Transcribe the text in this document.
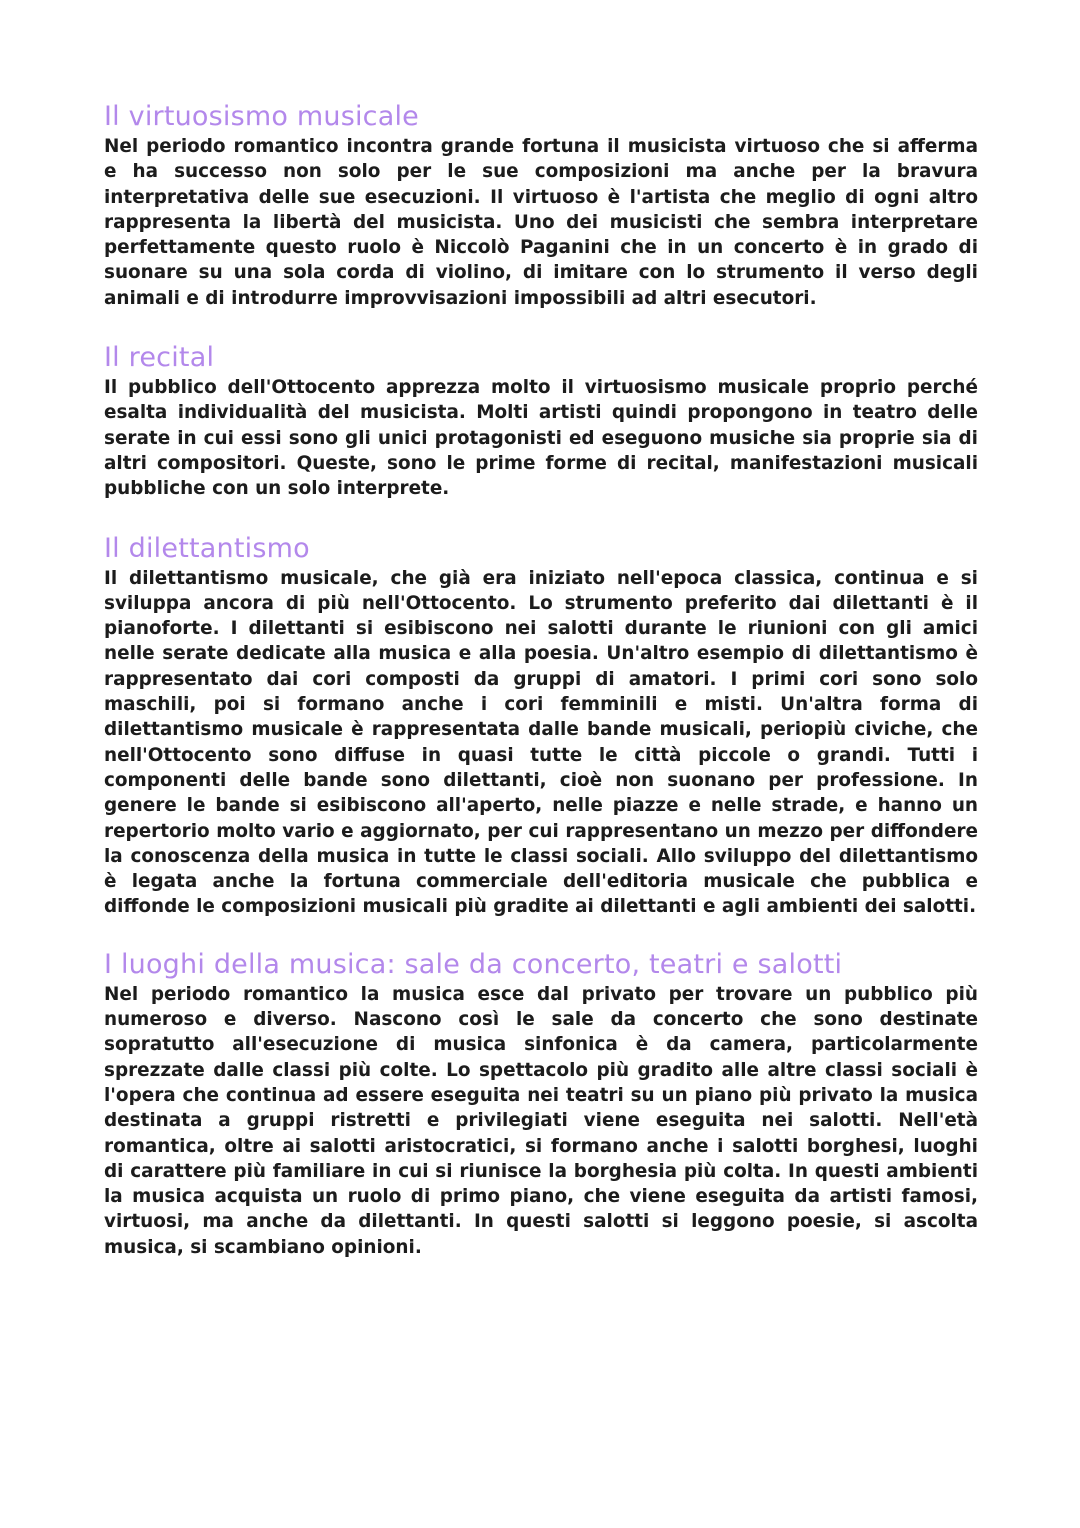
Il virtuosismo musicale

Nel periodo romantico incontra grande fortuna il musicista virtuoso che si afferma e ha successo non solo per le sue composizioni ma anche per la bravura interpretativa delle sue esecuzioni. Il virtuoso è l'artista che meglio di ogni altro rappresenta la libertà del musicista. Uno dei musicisti che sembra interpretare perfettamente questo ruolo è Niccolò Paganini che in un concerto è in grado di suonare su una sola corda di violino, di imitare con lo strumento il verso degli animali e di introdurre improvvisazioni impossibili ad altri esecutori.

Il recital

Il pubblico dell'Ottocento apprezza molto il virtuosismo musicale proprio perché esalta individualità del musicista. Molti artisti quindi propongono in teatro delle serate in cui essi sono gli unici protagonisti ed eseguono musiche sia proprie sia di altri compositori. Queste, sono le prime forme di recital, manifestazioni musicali pubbliche con un solo interprete.

Il dilettantismo

Il dilettantismo musicale, che già era iniziato nell'epoca classica, continua e si sviluppa ancora di più nell'Ottocento. Lo strumento preferito dai dilettanti è il pianoforte. I dilettanti si esibiscono nei salotti durante le riunioni con gli amici nelle serate dedicate alla musica e alla poesia. Un'altro esempio di dilettantismo è rappresentato dai cori composti da gruppi di amatori. I primi cori sono solo maschili, poi si formano anche i cori femminili e misti. Un'altra forma di dilettantismo musicale è rappresentata dalle bande musicali, periopiù civiche, che nell'Ottocento sono diffuse in quasi tutte le città piccole o grandi. Tutti i componenti delle bande sono dilettanti, cioè non suonano per professione. In genere le bande si esibiscono all'aperto, nelle piazze e nelle strade, e hanno un repertorio molto vario e aggiornato, per cui rappresentano un mezzo per diffondere la conoscenza della musica in tutte le classi sociali. Allo sviluppo del dilettantismo è legata anche la fortuna commerciale dell'editoria musicale che pubblica e diffonde le composizioni musicali più gradite ai dilettanti e agli ambienti dei salotti.

I luoghi della musica: sale da concerto, teatri e salotti

Nel periodo romantico la musica esce dal privato per trovare un pubblico più numeroso e diverso. Nascono così le sale da concerto che sono destinate sopratutto all'esecuzione di musica sinfonica è da camera, particolarmente sprezzate dalle classi più colte. Lo spettacolo più gradito alle altre classi sociali è l'opera che continua ad essere eseguita nei teatri su un piano più privato la musica destinata a gruppi ristretti e privilegiati viene eseguita nei salotti. Nell'età romantica, oltre ai salotti aristocratici, si formano anche i salotti borghesi, luoghi di carattere più familiare in cui si riunisce la borghesia più colta. In questi ambienti la musica acquista un ruolo di primo piano, che viene eseguita da artisti famosi, virtuosi, ma anche da dilettanti. In questi salotti si leggono poesie, si ascolta musica, si scambiano opinioni.
